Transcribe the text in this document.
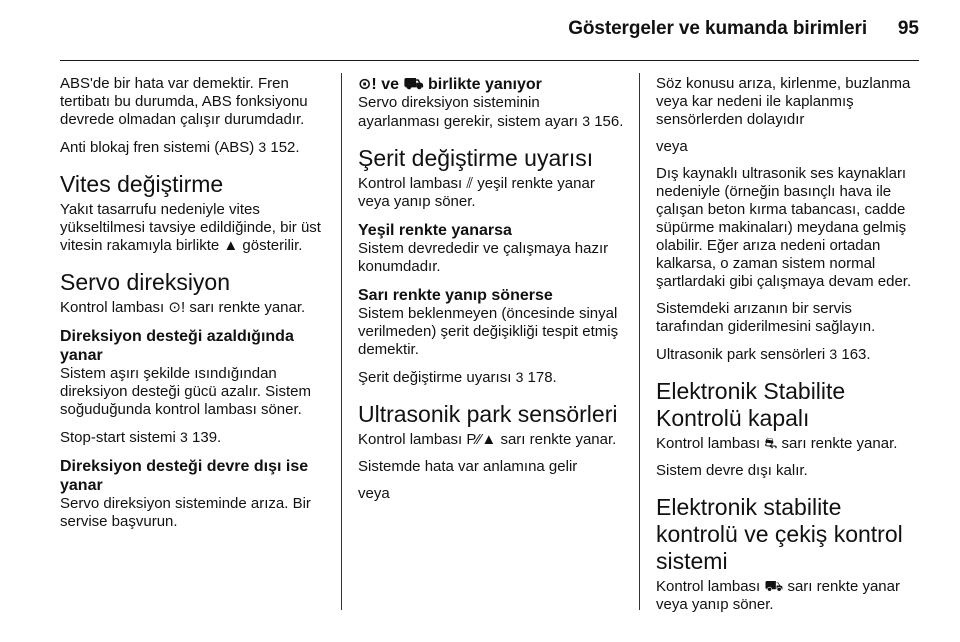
Göstergeler ve kumanda birimleri 95

ABS'de bir hata var demektir. Fren tertibatı bu durumda, ABS fonksiyonu devrede olmadan çalışır durumdadır.

Anti blokaj fren sistemi (ABS) 3 152.

Vites değiştirme

Yakıt tasarrufu nedeniyle vites yükseltilmesi tavsiye edildiğinde, bir üst vitesin rakamıyla birlikte ▲ gösterilir.

Servo direksiyon

Kontrol lambası ⊙! sarı renkte yanar.

Direksiyon desteği azaldığında yanar

Sistem aşırı şekilde ısındığından direksiyon desteği gücü azalır. Sistem soğuduğunda kontrol lambası söner.

Stop-start sistemi 3 139.

Direksiyon desteği devre dışı ise yanar

Servo direksiyon sisteminde arıza. Bir servise başvurun.

⊙! ve ⛟ birlikte yanıyor

Servo direksiyon sisteminin ayarlanması gerekir, sistem ayarı 3 156.

Şerit değiştirme uyarısı

Kontrol lambası ⫽ yeşil renkte yanar veya yanıp söner.

Yeşil renkte yanarsa

Sistem devrededir ve çalışmaya hazır konumdadır.

Sarı renkte yanıp sönerse

Sistem beklenmeyen (öncesinde sinyal verilmeden) şerit değişikliği tespit etmiş demektir.

Şerit değiştirme uyarısı 3 178.

Ultrasonik park sensörleri

Kontrol lambası P⁄⁄▲ sarı renkte yanar.

Sistemde hata var anlamına gelir

veya

Söz konusu arıza, kirlenme, buzlanma veya kar nedeni ile kaplanmış sensörlerden dolayıdır

veya

Dış kaynaklı ultrasonik ses kaynakları nedeniyle (örneğin basınçlı hava ile çalışan beton kırma tabancası, cadde süpürme makinaları) meydana gelmiş olabilir. Eğer arıza nedeni ortadan kalkarsa, o zaman sistem normal şartlardaki gibi çalışmaya devam eder.

Sistemdeki arızanın bir servis tarafından giderilmesini sağlayın.

Ultrasonik park sensörleri 3 163.

Elektronik Stabilite Kontrolü kapalı

Kontrol lambası ⛐ sarı renkte yanar.

Sistem devre dışı kalır.

Elektronik stabilite kontrolü ve çekiş kontrol sistemi

Kontrol lambası ⛟ sarı renkte yanar veya yanıp söner.
